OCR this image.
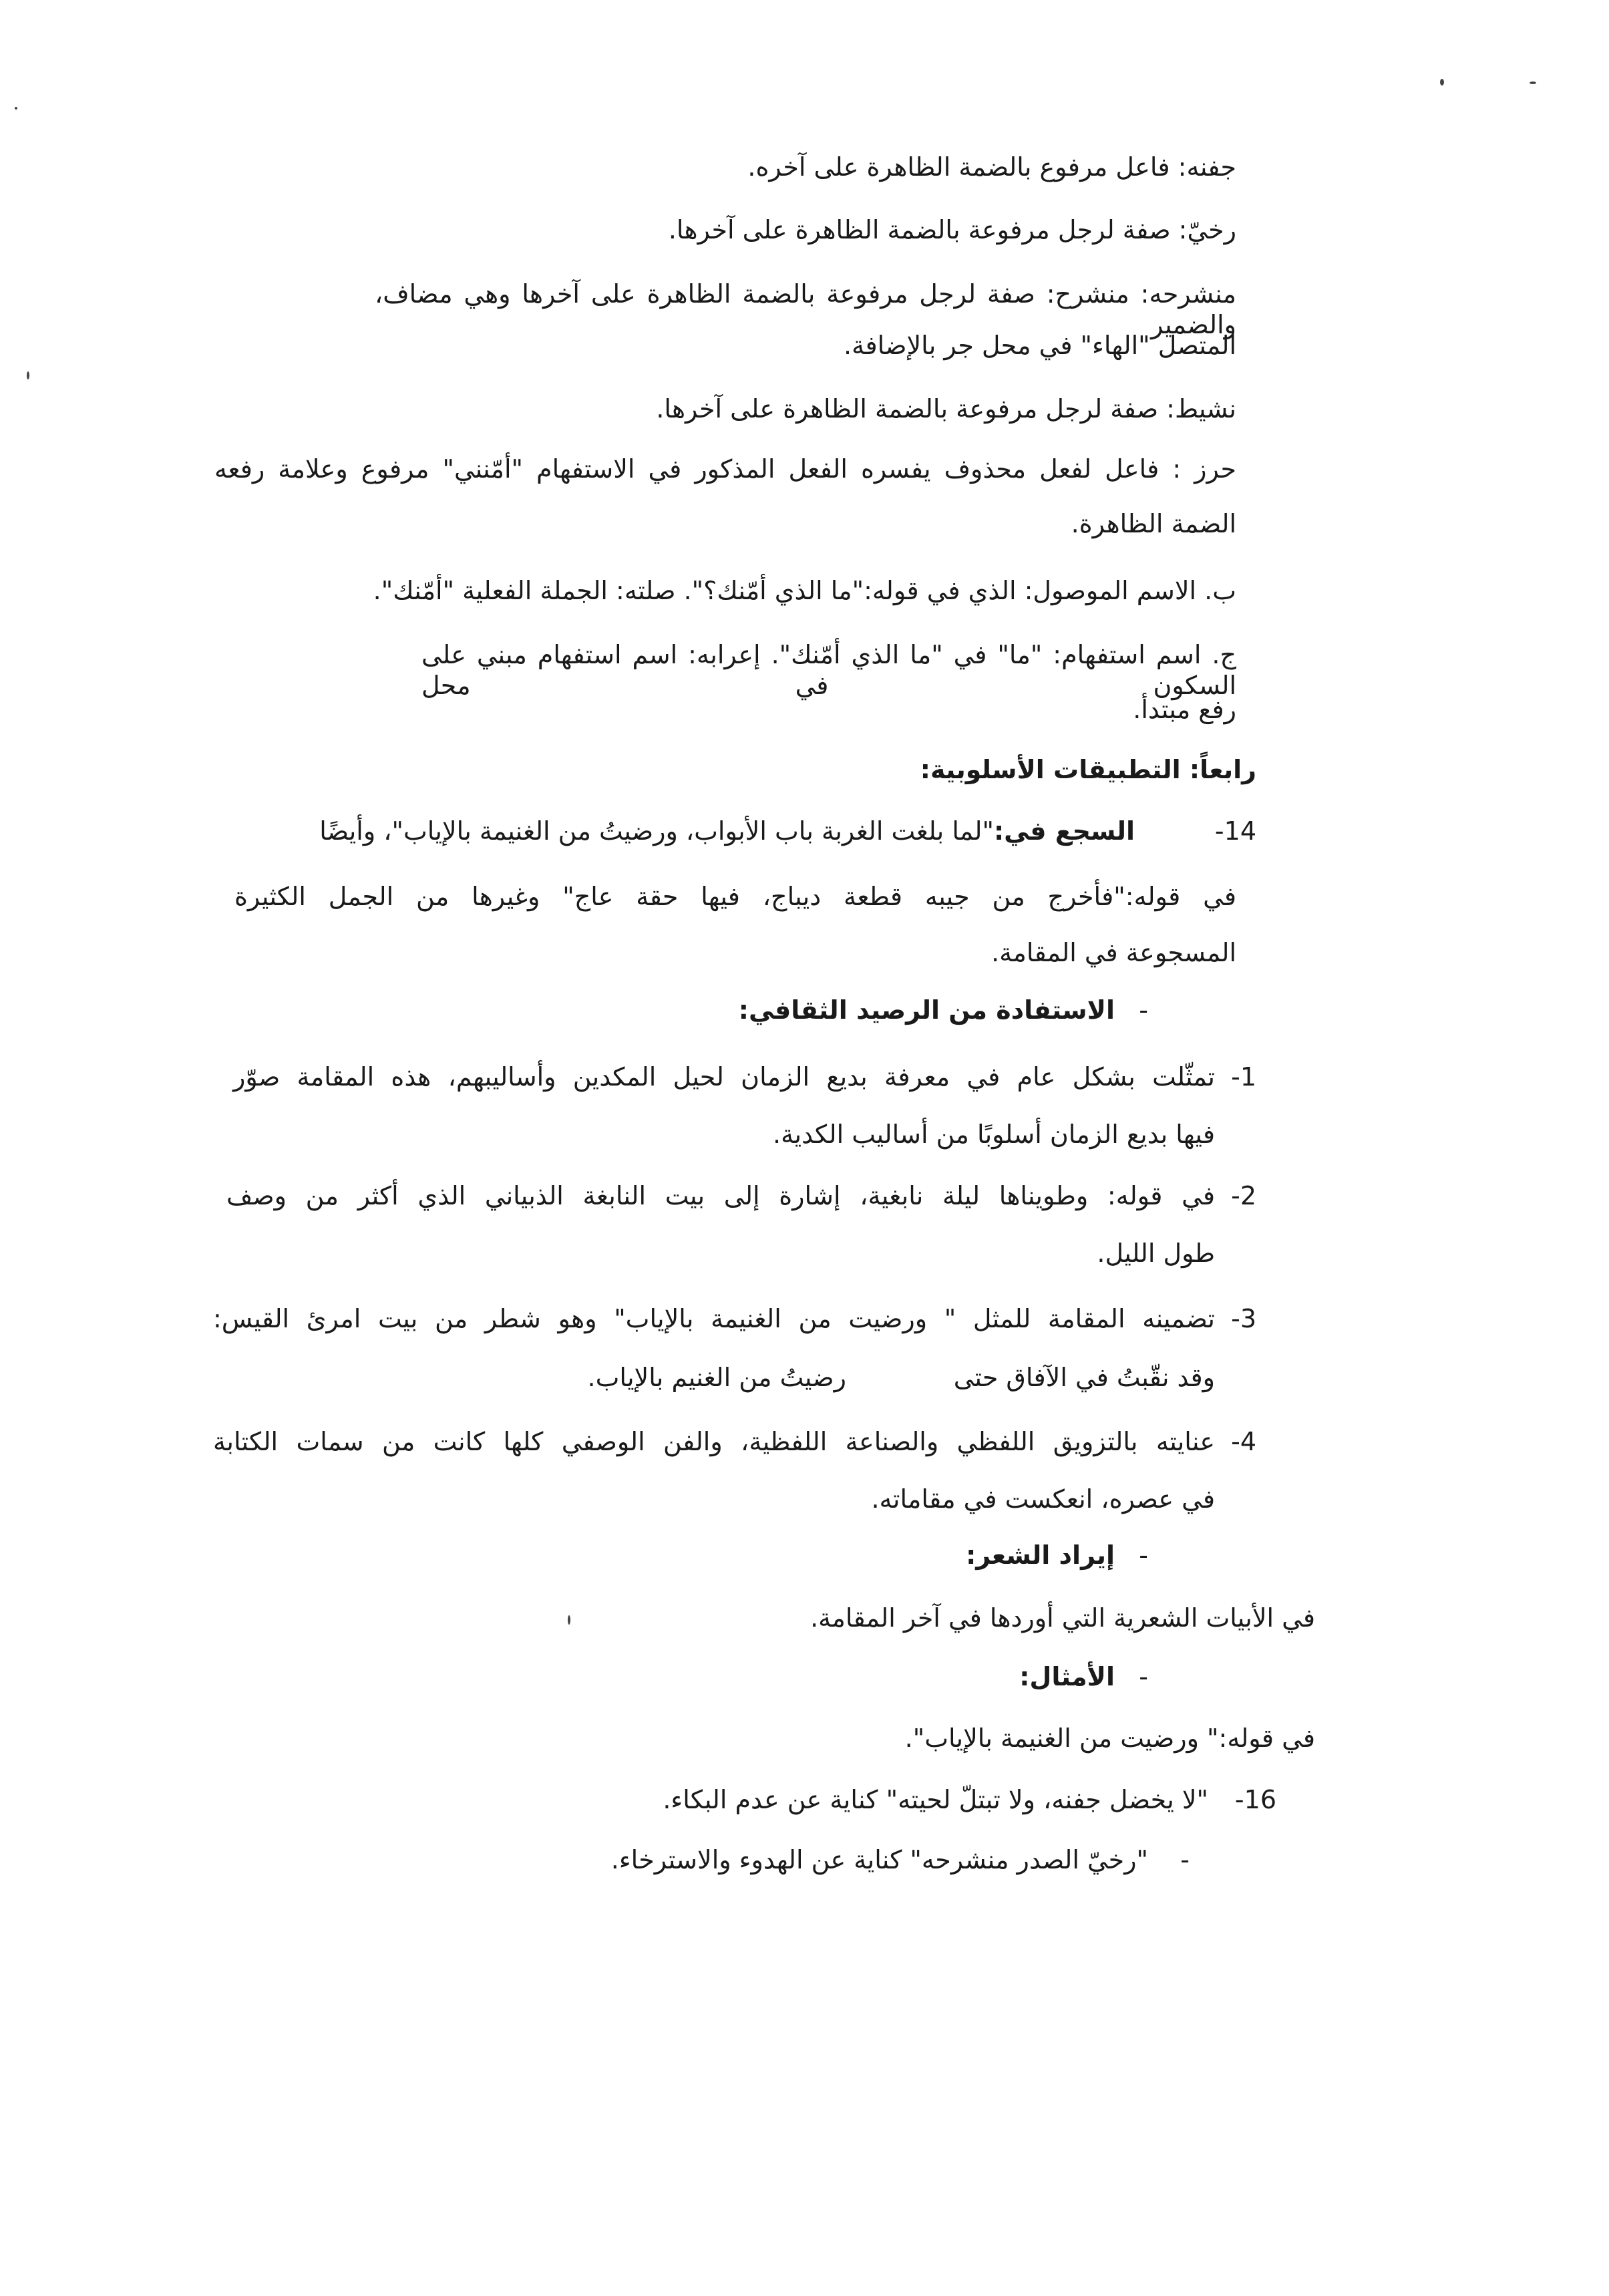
جفنه: فاعل مرفوع بالضمة الظاهرة على آخره.
رخيّ: صفة لرجل مرفوعة بالضمة الظاهرة على آخرها.
منشرحه: منشرح: صفة لرجل مرفوعة بالضمة الظاهرة على آخرها وهي مضاف، والضمير
المتصل "الهاء" في محل جر بالإضافة.
نشيط: صفة لرجل مرفوعة بالضمة الظاهرة على آخرها.
حرز : فاعل لفعل محذوف يفسره الفعل المذكور في الاستفهام "أمّنني" مرفوع وعلامة رفعه
الضمة الظاهرة.
ب. الاسم الموصول: الذي في قوله:"ما الذي أمّنك؟". صلته: الجملة الفعلية "أمّنك".
ج. اسم استفهام: "ما" في "ما الذي أمّنك". إعرابه: اسم استفهام مبني على السكون في محل
رفع مبتدأ.
رابعاً: التطبيقات الأسلوبية:
14-
السجع في:"لما بلغت الغربة باب الأبواب، ورضيتُ من الغنيمة بالإياب"، وأيضًا
في قوله:"فأخرج من جيبه قطعة ديباج، فيها حقة عاج" وغيرها من الجمل الكثيرة
المسجوعة في المقامة.
-
الاستفادة من الرصيد الثقافي:
1-
تمثّلت بشكل عام في معرفة بديع الزمان لحيل المكدين وأساليبهم، هذه المقامة صوّر
فيها بديع الزمان أسلوبًا من أساليب الكدية.
2-
في قوله: وطويناها ليلة نابغية، إشارة إلى بيت النابغة الذبياني الذي أكثر من وصف
طول الليل.
3-
تضمينه المقامة للمثل " ورضيت من الغنيمة بالإياب" وهو شطر من بيت امرئ القيس:
وقد نقّبتُ في الآفاق حتى
رضيتُ من الغنيم بالإياب.
4-
عنايته بالتزويق اللفظي والصناعة اللفظية، والفن الوصفي كلها كانت من سمات الكتابة
في عصره، انعكست في مقاماته.
-
إيراد الشعر:
في الأبيات الشعرية التي أوردها في آخر المقامة.
-
الأمثال:
في قوله:" ورضيت من الغنيمة بالإياب".
16-
"لا يخضل جفنه، ولا تبتلّ لحيته" كناية عن عدم البكاء.
-
"رخيّ الصدر منشرحه" كناية عن الهدوء والاسترخاء.
